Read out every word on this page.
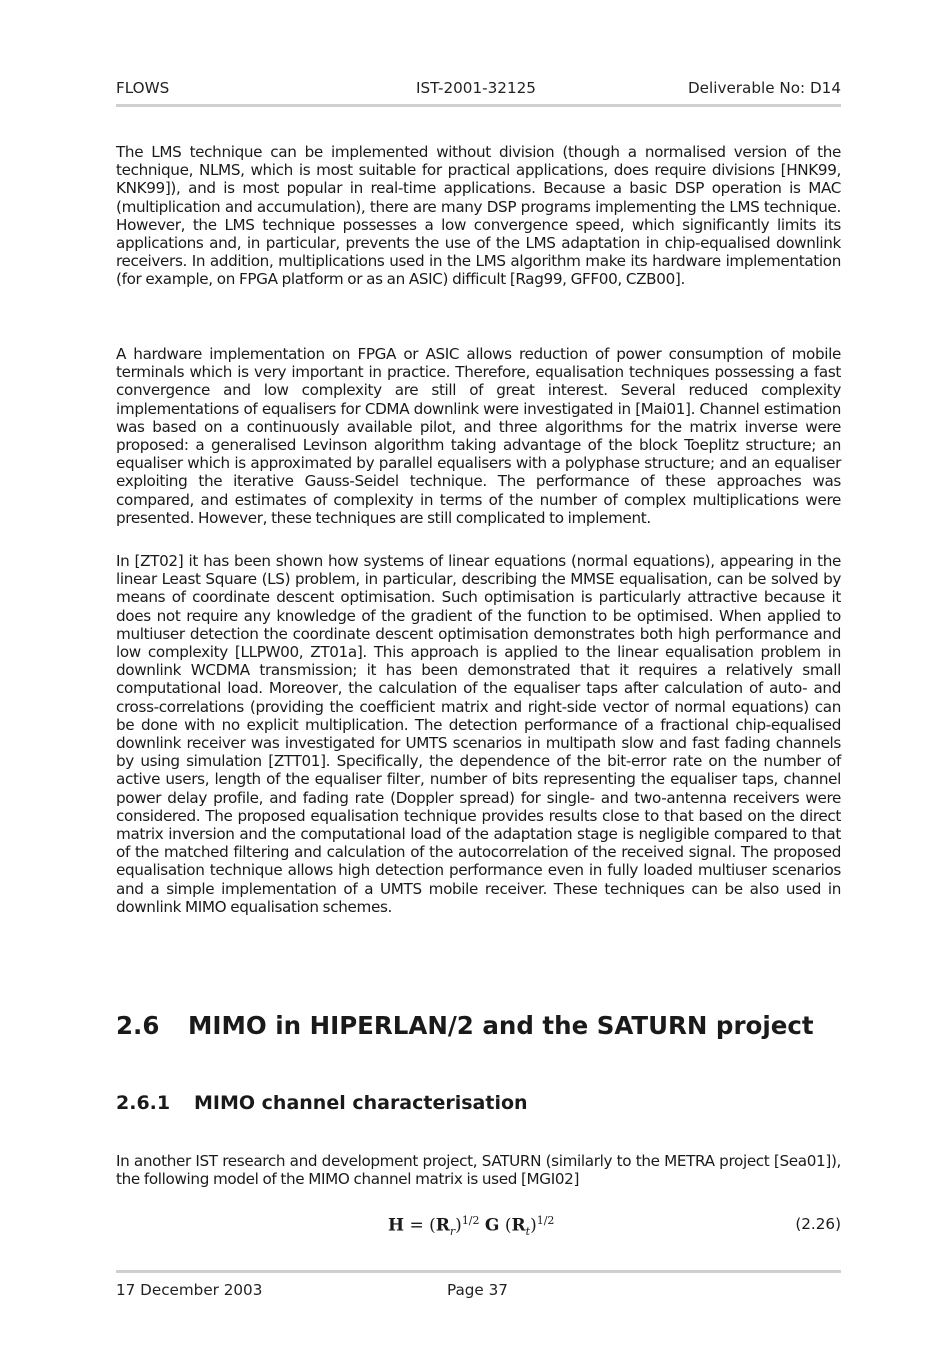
FLOWS	IST-2001-32125	Deliverable No: D14

The LMS technique can be implemented without division (though a normalised version of the technique, NLMS, which is most suitable for practical applications, does require divisions [HNK99, KNK99]), and is most popular in real-time applications. Because a basic DSP operation is MAC (multiplication and accumulation), there are many DSP programs implementing the LMS technique. However, the LMS technique possesses a low convergence speed, which significantly limits its applications and, in particular, prevents the use of the LMS adaptation in chip-equalised downlink receivers. In addition, multiplications used in the LMS algorithm make its hardware implementation (for example, on FPGA platform or as an ASIC) difficult [Rag99, GFF00, CZB00].

A hardware implementation on FPGA or ASIC allows reduction of power consumption of mobile terminals which is very important in practice. Therefore, equalisation techniques possessing a fast convergence and low complexity are still of great interest. Several reduced complexity implementations of equalisers for CDMA downlink were investigated in [Mai01]. Channel estimation was based on a continuously available pilot, and three algorithms for the matrix inverse were proposed: a generalised Levinson algorithm taking advantage of the block Toeplitz structure; an equaliser which is approximated by parallel equalisers with a polyphase structure; and an equaliser exploiting the iterative Gauss-Seidel technique. The performance of these approaches was compared, and estimates of complexity in terms of the number of complex multiplications were presented. However, these techniques are still complicated to implement.

In [ZT02] it has been shown how systems of linear equations (normal equations), appearing in the linear Least Square (LS) problem, in particular, describing the MMSE equalisation, can be solved by means of coordinate descent optimisation. Such optimisation is particularly attractive because it does not require any knowledge of the gradient of the function to be optimised. When applied to multiuser detection the coordinate descent optimisation demonstrates both high performance and low complexity [LLPW00, ZT01a]. This approach is applied to the linear equalisation problem in downlink WCDMA transmission; it has been demonstrated that it requires a relatively small computational load. Moreover, the calculation of the equaliser taps after calculation of auto- and cross-correlations (providing the coefficient matrix and right-side vector of normal equations) can be done with no explicit multiplication. The detection performance of a fractional chip-equalised downlink receiver was investigated for UMTS scenarios in multipath slow and fast fading channels by using simulation [ZTT01]. Specifically, the dependence of the bit-error rate on the number of active users, length of the equaliser filter, number of bits representing the equaliser taps, channel power delay profile, and fading rate (Doppler spread) for single- and two-antenna receivers were considered. The proposed equalisation technique provides results close to that based on the direct matrix inversion and the computational load of the adaptation stage is negligible compared to that of the matched filtering and calculation of the autocorrelation of the received signal. The proposed equalisation technique allows high detection performance even in fully loaded multiuser scenarios and a simple implementation of a UMTS mobile receiver. These techniques can be also used in downlink MIMO equalisation schemes.

2.6 MIMO in HIPERLAN/2 and the SATURN project
2.6.1 MIMO channel characterisation

In another IST research and development project, SATURN (similarly to the METRA project [Sea01]), the following model of the MIMO channel matrix is used [MGI02]

$H = (R_r)^{1/2}$ G $(R_t)^{1/2}$	(2.26)
17 December 2003	Page 37
